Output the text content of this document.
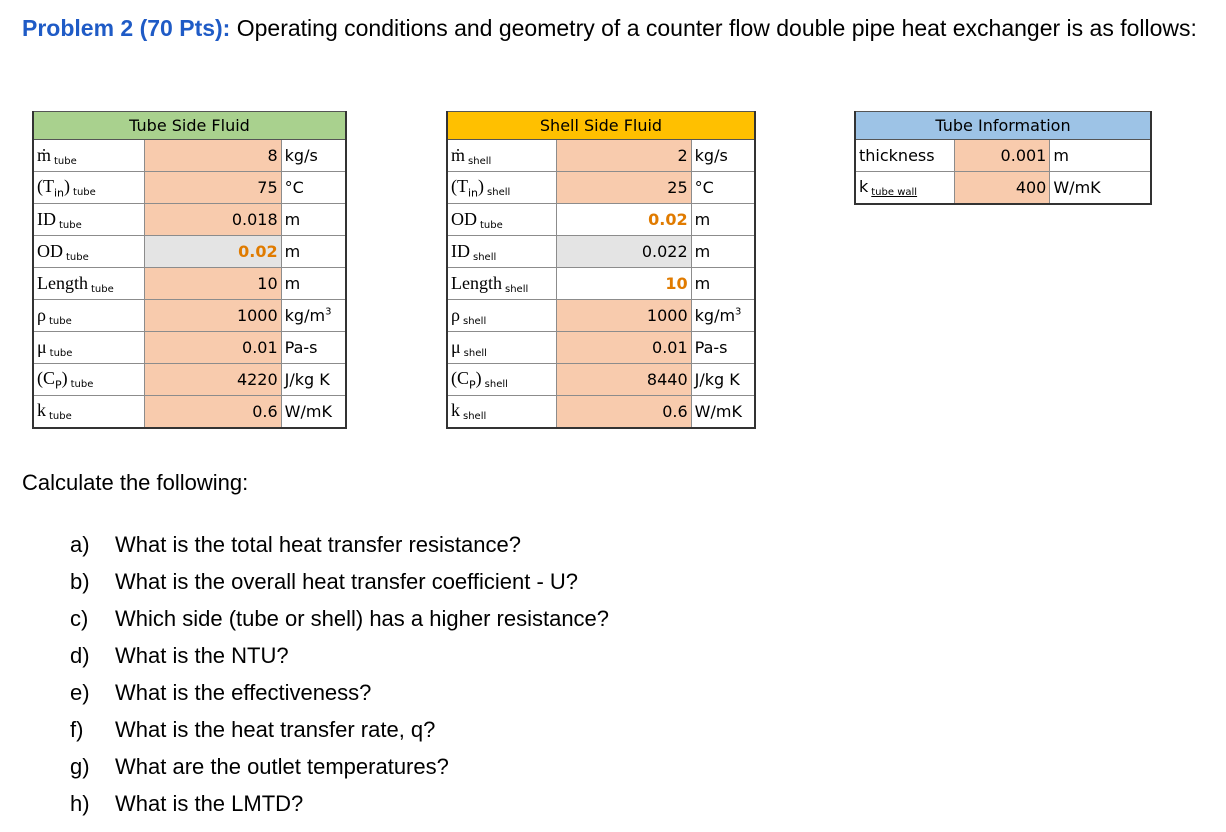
Problem 2 (70 Pts): Operating conditions and geometry of a counter flow double pipe heat exchanger is as follows:
Tube Side Fluid		
ṁ $_{tube}$	8	kg/s
$(T_{in})$ $_{tube}$	75	°C
ID $_{tube}$	0.018	m
OD $_{tube}$	0.02	m
Length $_{tube}$	10	m
ρ $_{tube}$	1000	$kg/m^3$
μ $_{tube}$	0.01	Pa-s
$(C_P)$ $_{tube}$	4220	J/kg K
k $_{tube}$	0.6	W/mK
Shell Side Fluid		
ṁ $_{shell}$	2	kg/s
$(T_{in})$ $_{shell}$	25	°C
OD $_{tube}$	0.02	m
ID $_{shell}$	0.022	m
Length $_{shell}$	10	m
ρ $_{shell}$	1000	$kg/m^3$
μ $_{shell}$	0.01	Pa-s
$(C_P)$ $_{shell}$	8440	J/kg K
k $_{shell}$	0.6	W/mK
Tube Information		
thickness	0.001	m
k tube wall	400	W/mK
Calculate the following:
a)	What is the total heat transfer resistance?
b)	What is the overall heat transfer coefficient - U?
c)	Which side (tube or shell) has a higher resistance?
d)	What is the NTU?
e)	What is the effectiveness?
f)	What is the heat transfer rate, q?
g)	What are the outlet temperatures?
h)	What is the LMTD?
